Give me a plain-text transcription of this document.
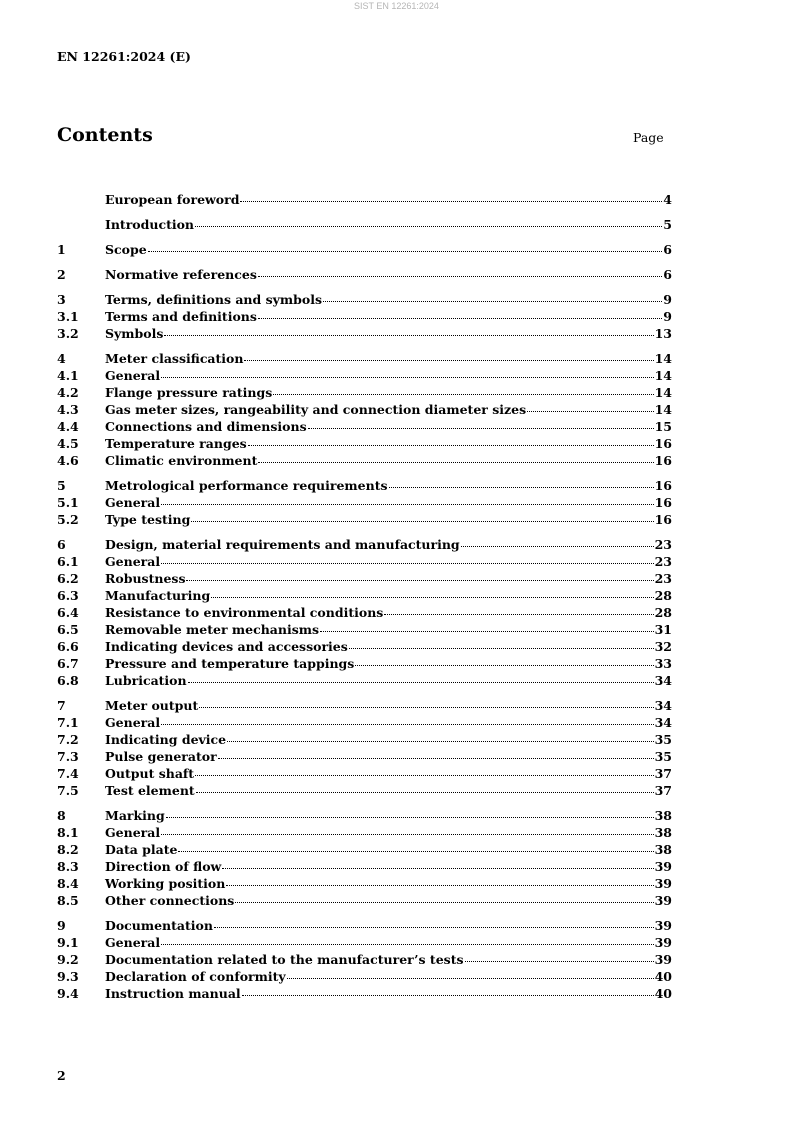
SIST EN 12261:2024
EN 12261:2024 (E)
Contents	Page
European foreword	4
Introduction	5
1	Scope	6
2	Normative references	6
3	Terms, definitions and symbols	9
3.1	Terms and definitions	9
3.2	Symbols	13
4	Meter classification	14
4.1	General	14
4.2	Flange pressure ratings	14
4.3	Gas meter sizes, rangeability and connection diameter sizes	14
4.4	Connections and dimensions	15
4.5	Temperature ranges	16
4.6	Climatic environment	16
5	Metrological performance requirements	16
5.1	General	16
5.2	Type testing	16
6	Design, material requirements and manufacturing	23
6.1	General	23
6.2	Robustness	23
6.3	Manufacturing	28
6.4	Resistance to environmental conditions	28
6.5	Removable meter mechanisms	31
6.6	Indicating devices and accessories	32
6.7	Pressure and temperature tappings	33
6.8	Lubrication	34
7	Meter output	34
7.1	General	34
7.2	Indicating device	35
7.3	Pulse generator	35
7.4	Output shaft	37
7.5	Test element	37
8	Marking	38
8.1	General	38
8.2	Data plate	38
8.3	Direction of flow	39
8.4	Working position	39
8.5	Other connections	39
9	Documentation	39
9.1	General	39
9.2	Documentation related to the manufacturer’s tests	39
9.3	Declaration of conformity	40
9.4	Instruction manual	40
2
